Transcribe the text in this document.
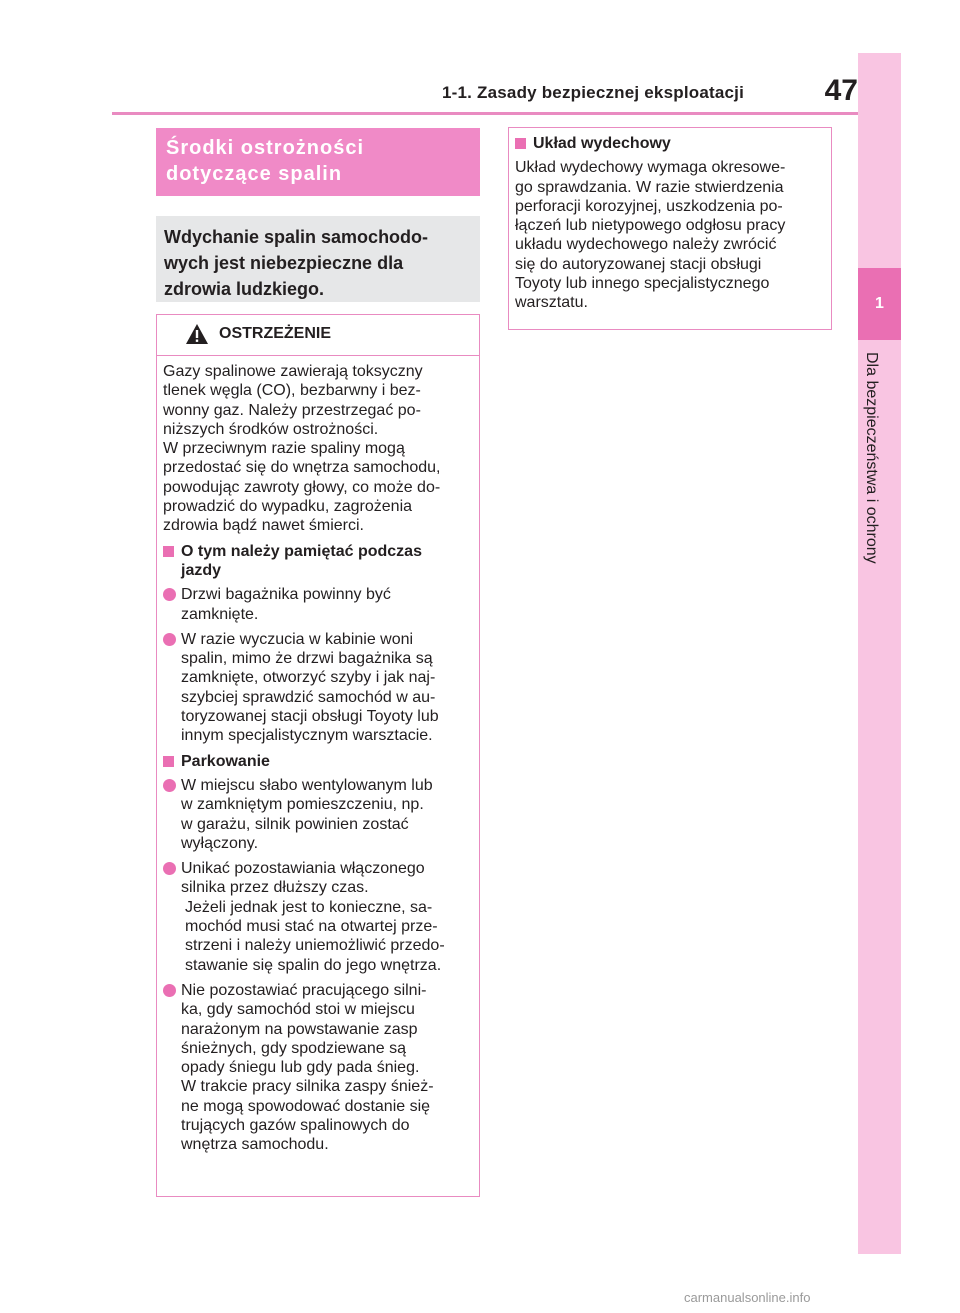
1-1. Zasady bezpiecznej eksploatacji	47
1
Dla bezpieczeństwa i ochrony
Środki ostrożności
dotyczące spalin
Wdychanie spalin samochodo-
wych jest niebezpieczne dla
zdrowia ludzkiego.
OSTRZEŻENIE
Gazy spalinowe zawierają toksyczny
tlenek węgla (CO), bezbarwny i bez-
wonny gaz. Należy przestrzegać po-
niższych środków ostrożności.
W przeciwnym razie spaliny mogą
przedostać się do wnętrza samochodu,
powodując zawroty głowy, co może do-
prowadzić do wypadku, zagrożenia
zdrowia bądź nawet śmierci.
O tym należy pamiętać podczas
jazdy
Drzwi bagażnika powinny być
zamknięte.
W razie wyczucia w kabinie woni
spalin, mimo że drzwi bagażnika są
zamknięte, otworzyć szyby i jak naj-
szybciej sprawdzić samochód w au-
toryzowanej stacji obsługi Toyoty lub
innym specjalistycznym warsztacie.
Parkowanie
W miejscu słabo wentylowanym lub
w zamkniętym pomieszczeniu, np.
w garażu, silnik powinien zostać
wyłączony.
Unikać pozostawiania włączonego
silnika przez dłuższy czas.
Jeżeli jednak jest to konieczne, sa-
mochód musi stać na otwartej prze-
strzeni i należy uniemożliwić przedo-
stawanie się spalin do jego wnętrza.
Nie pozostawiać pracującego silni-
ka, gdy samochód stoi w miejscu
narażonym na powstawanie zasp
śnieżnych, gdy spodziewane są
opady śniegu lub gdy pada śnieg.
W trakcie pracy silnika zaspy śnież-
ne mogą spowodować dostanie się
trujących gazów spalinowych do
wnętrza samochodu.
Układ wydechowy
Układ wydechowy wymaga okresowe-
go sprawdzania. W razie stwierdzenia
perforacji korozyjnej, uszkodzenia po-
łączeń lub nietypowego odgłosu pracy
układu wydechowego należy zwrócić
się do autoryzowanej stacji obsługi
Toyoty lub innego specjalistycznego
warsztatu.
carmanualsonline.info
